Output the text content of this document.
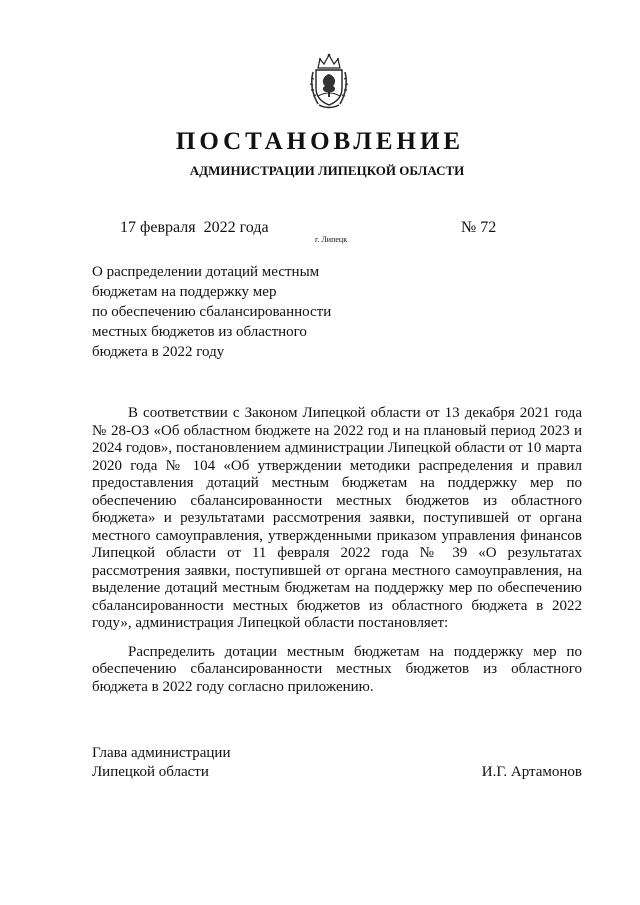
ПОСТАНОВЛЕНИЕ
АДМИНИСТРАЦИИ ЛИПЕЦКОЙ ОБЛАСТИ
17 февраля  2022 года
г. Липецк
№ 72
О распределении дотаций местным
бюджетам на поддержку мер
по обеспечению сбалансированности
местных бюджетов из областного
бюджета в 2022 году

В соответствии с Законом Липецкой области от 13 декабря 2021 года № 28-ОЗ «Об областном бюджете на 2022 год и на плановый период 2023 и 2024 годов», постановлением администрации Липецкой области от 10 марта 2020 года № 104 «Об утверждении методики распределения и правил предоставления дотаций местным бюджетам на поддержку мер по обеспечению сбалансированности местных бюджетов из областного бюджета» и результатами рассмотрения заявки, поступившей от органа местного самоуправления, утвержденными приказом управления финансов Липецкой области от 11 февраля 2022 года № 39 «О результатах рассмотрения заявки, поступившей от органа местного самоуправления, на выделение дотаций местным бюджетам на поддержку мер по обеспечению сбалансированности местных бюджетов из областного бюджета в 2022 году», администрация Липецкой области постановляет:

Распределить дотации местным бюджетам на поддержку мер по обеспечению сбалансированности местных бюджетов из областного бюджета в 2022 году согласно приложению.

Глава администрации
Липецкой области	И.Г. Артамонов
